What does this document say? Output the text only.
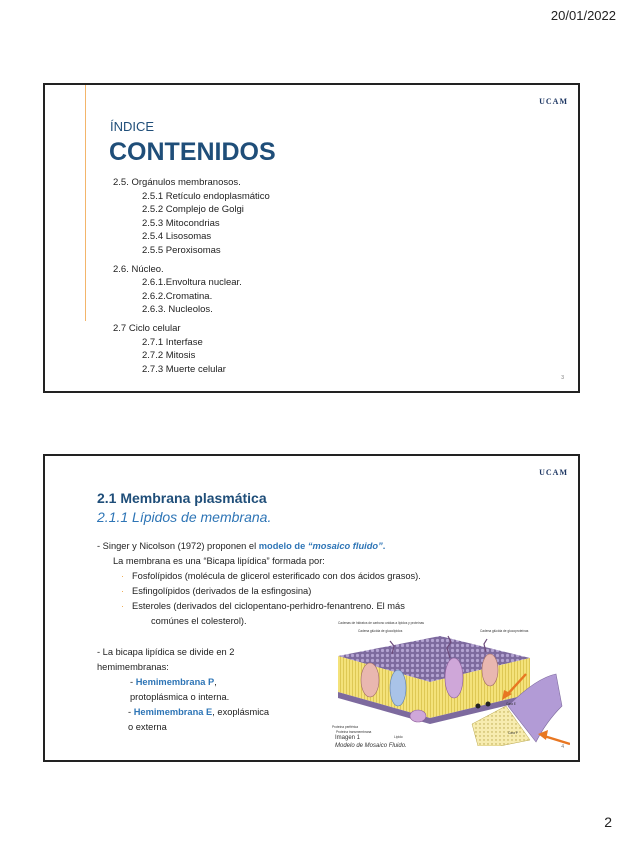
20/01/2022
UCAM
ÍNDICE
CONTENIDOS
2.5. Orgánulos membranosos.
2.5.1 Retículo endoplasmático
2.5.2 Complejo de Golgi
2.5.3 Mitocondrias
2.5.4 Lisosomas
2.5.5 Peroxisomas
2.6. Núcleo.
2.6.1.Envoltura nuclear.
2.6.2.Cromatina.
2.6.3. Nucleolos.
2.7 Ciclo celular
2.7.1 Interfase
2.7.2 Mitosis
2.7.3 Muerte celular
3
UCAM
2.1 Membrana plasmática
2.1.1 Lípidos de membrana.
- Singer y Nicolson (1972) proponen el modelo de “mosaico fluido”.
La membrana es una “Bicapa lipídica” formada por:
· Fosfolípidos (molécula de glicerol esterificado con dos ácidos grasos).
· Esfingolípidos (derivados de la esfingosina)
· Esteroles (derivados del ciclopentano-perhidro-fenantreno. El más
comúnes el colesterol).
- La bicapa lipídica se divide en 2
hemimembranas:
- Hemimembrana P,
protoplásmica o interna.
- Hemimembrana E, exoplásmica
o externa
Cadenas de hidratos de carbono unidas a lípidos y proteínas
Cadena glúcida de glucolípidos	Cadena glúcida de glucoproteínas
Proteína periférica
Proteína transmembrana
Lípido
Cara E
Cara P
Imagen 1
Modelo de Mosaico Fluido.	4
2
